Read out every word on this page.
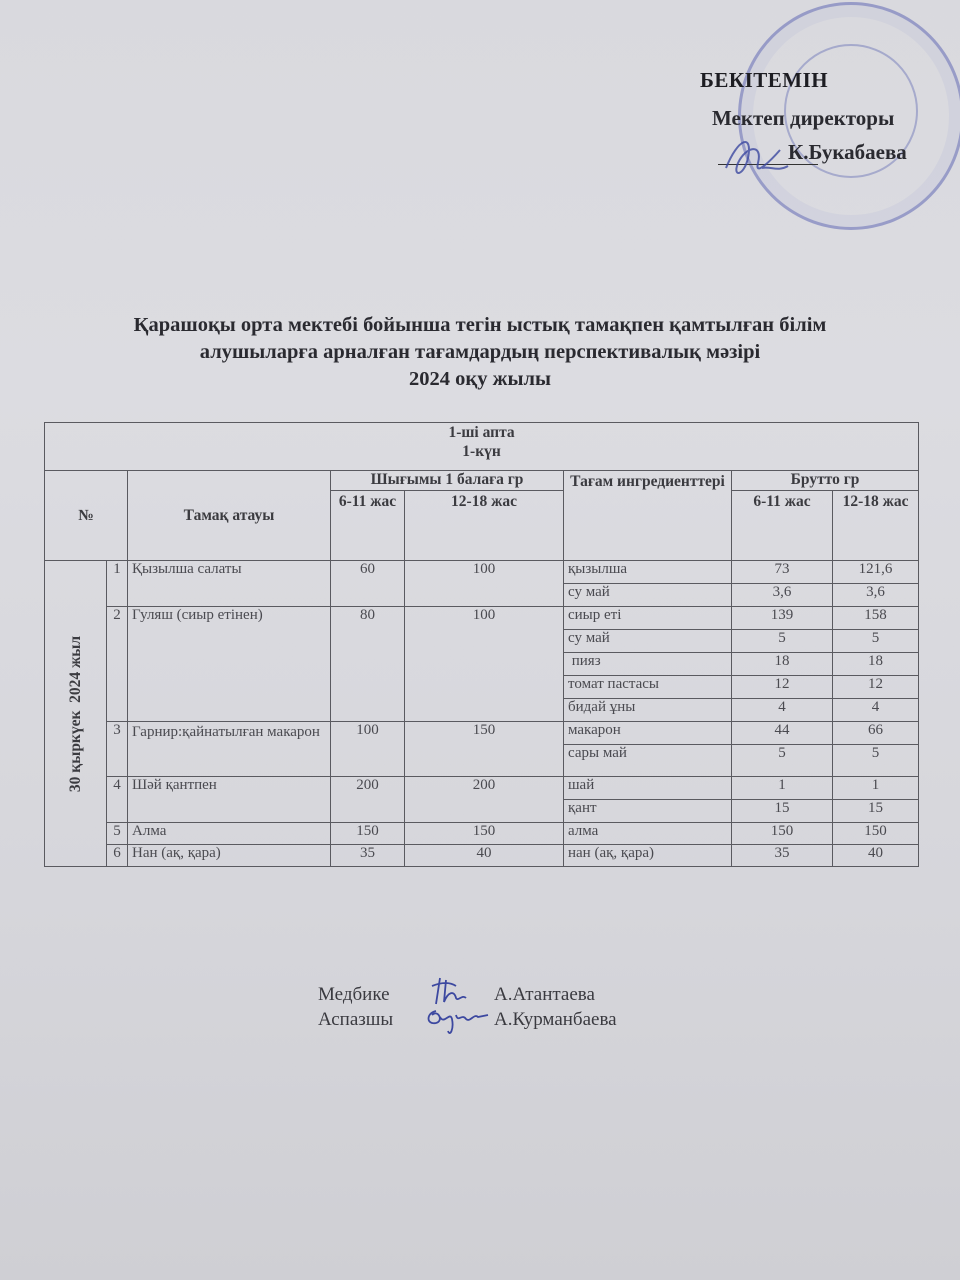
БЕКІТЕМІН
Мектеп директоры
К.Букабаева
Қарашоқы орта мектебі бойынша тегін ыстық тамақпен қамтылған білім
алушыларға арналған тағамдардың перспективалық мәзірі
2024 оқу жылы
1-ші апта
1-күн							

№		Тамақ атауы	Шығымы 1 балаға гр		Тағам ингредиенттері	Брутто гр	
			6-11 жас	12-18 жас		6-11 жас	12-18 жас

30 қыркүек  2024 жыл	1	Қызылша салаты	60	100	қызылша	73	121,6
					су май	3,6	3,6
	2	Гуляш (сиыр етінен)	80	100	сиыр еті	139	158
					су май	5	5
					пияз	18	18
					томат пастасы	12	12
					бидай ұны	4	4
	3	Гарнир:қайнатылған макарон	100	150	макарон	44	66
					сары май	5	5
	4	Шәй қантпен	200	200	шай	1	1
					қант	15	15
	5	Алма	150	150	алма	150	150
	6	Нан (ақ, қара)	35	40	нан (ақ, қара)	35	40
Медбике	А.Атантаева
Аспазшы	А.Курманбаева
